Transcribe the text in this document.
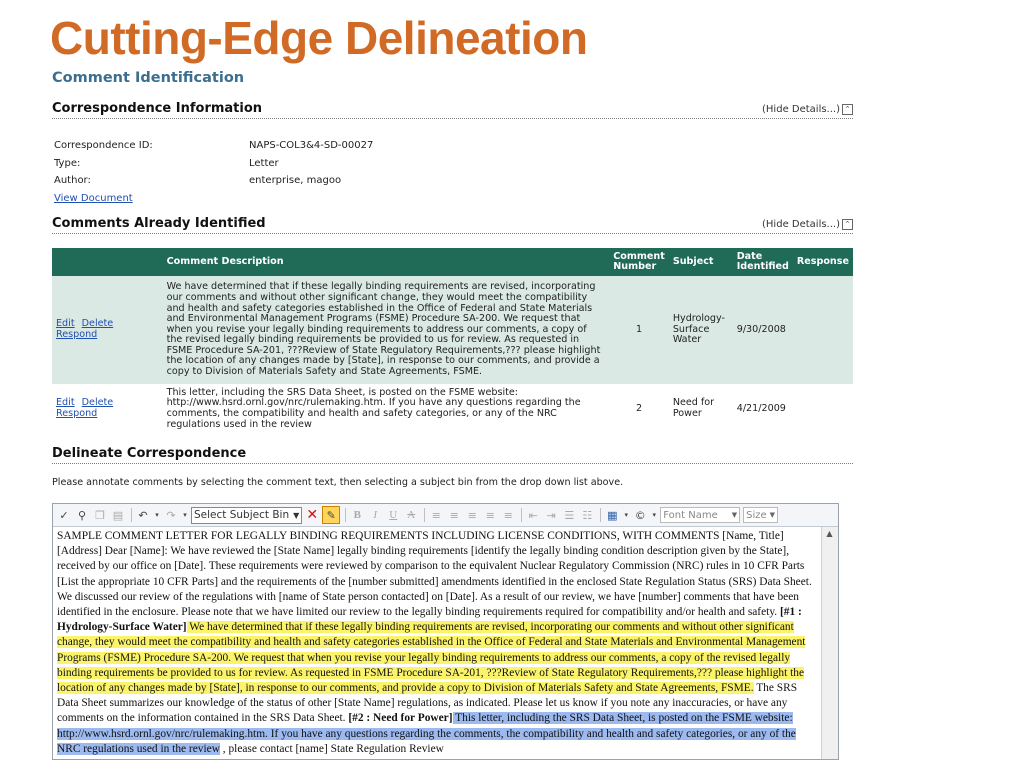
Cutting-Edge Delineation
Comment Identification
Correspondence Information	(Hide Details...) ⌃
Correspondence ID:	NAPS-COL3&4-SD-00027
Type:	Letter
Author:	enterprise, magoo
View Document
Comments Already Identified	(Hide Details...) ⌃
	Comment Description	Comment Number	Subject	Date Identified	Response
Edit Delete Respond	We have determined that if these legally binding requirements are revised, incorporating our comments and without other significant change, they would meet the compatibility and health and safety categories established in the Office of Federal and State Materials and Environmental Management Programs (FSME) Procedure SA-200. We request that when you revise your legally binding requirements to address our comments, a copy of the revised legally binding requirements be provided to us for review. As requested in FSME Procedure SA-201, ???Review of State Regulatory Requirements,??? please highlight the location of any changes made by [State], in response to our comments, and provide a copy to Division of Materials Safety and State Agreements, FSME.	1	Hydrology-Surface Water	9/30/2008	
Edit Delete Respond	This letter, including the SRS Data Sheet, is posted on the FSME website: http://www.hsrd.ornl.gov/nrc/rulemaking.htm. If you have any questions regarding the comments, the compatibility and health and safety categories, or any of the NRC regulations used in the review	2	Need for Power	4/21/2009	
Delineate Correspondence
Please annotate comments by selecting the comment text, then selecting a subject bin from the drop down list above.
✓ ⚲ ❐ ▤	↶	▾ ↷	▾ Select Subject Bin ▼ ✕ ✎	B	I	U A	≡ ≡ ≡ ≡ ≡	⇤ ⇥ ☰ ☷ ▦	▾ © ▾ Font Name ▼ Size ▼
SAMPLE COMMENT LETTER FOR LEGALLY BINDING REQUIREMENTS INCLUDING LICENSE CONDITIONS, WITH COMMENTS [Name, Title] [Address] Dear [Name]: We have reviewed the [State Name] legally binding requirements [identify the legally binding condition description given by the State], received by our office on [Date]. These requirements were reviewed by comparison to the equivalent Nuclear Regulatory Commission (NRC) rules in 10 CFR Parts [List the appropriate 10 CFR Parts] and the requirements of the [number submitted] amendments identified in the enclosed State Regulation Status (SRS) Data Sheet. We discussed our review of the regulations with [name of State person contacted] on [Date]. As a result of our review, we have [number] comments that have been identified in the enclosure. Please note that we have limited our review to the legally binding requirements required for compatibility and/or health and safety. [#1 : Hydrology-Surface Water] We have determined that if these legally binding requirements are revised, incorporating our comments and without other significant change, they would meet the compatibility and health and safety categories established in the Office of Federal and State Materials and Environmental Management Programs (FSME) Procedure SA-200. We request that when you revise your legally binding requirements to address our comments, a copy of the revised legally binding requirements be provided to us for review. As requested in FSME Procedure SA-201, ???Review of State Regulatory Requirements,??? please highlight the location of any changes made by [State], in response to our comments, and provide a copy to Division of Materials Safety and State Agreements, FSME. The SRS Data Sheet summarizes our knowledge of the status of other [State Name] regulations, as indicated. Please let us know if you note any inaccuracies, or have any comments on the information contained in the SRS Data Sheet. [#2 : Need for Power] This letter, including the SRS Data Sheet, is posted on the FSME website: http://www.hsrd.ornl.gov/nrc/rulemaking.htm. If you have any questions regarding the comments, the compatibility and health and safety categories, or any of the NRC regulations used in the review , please contact [name] State Regulation Review
▲
